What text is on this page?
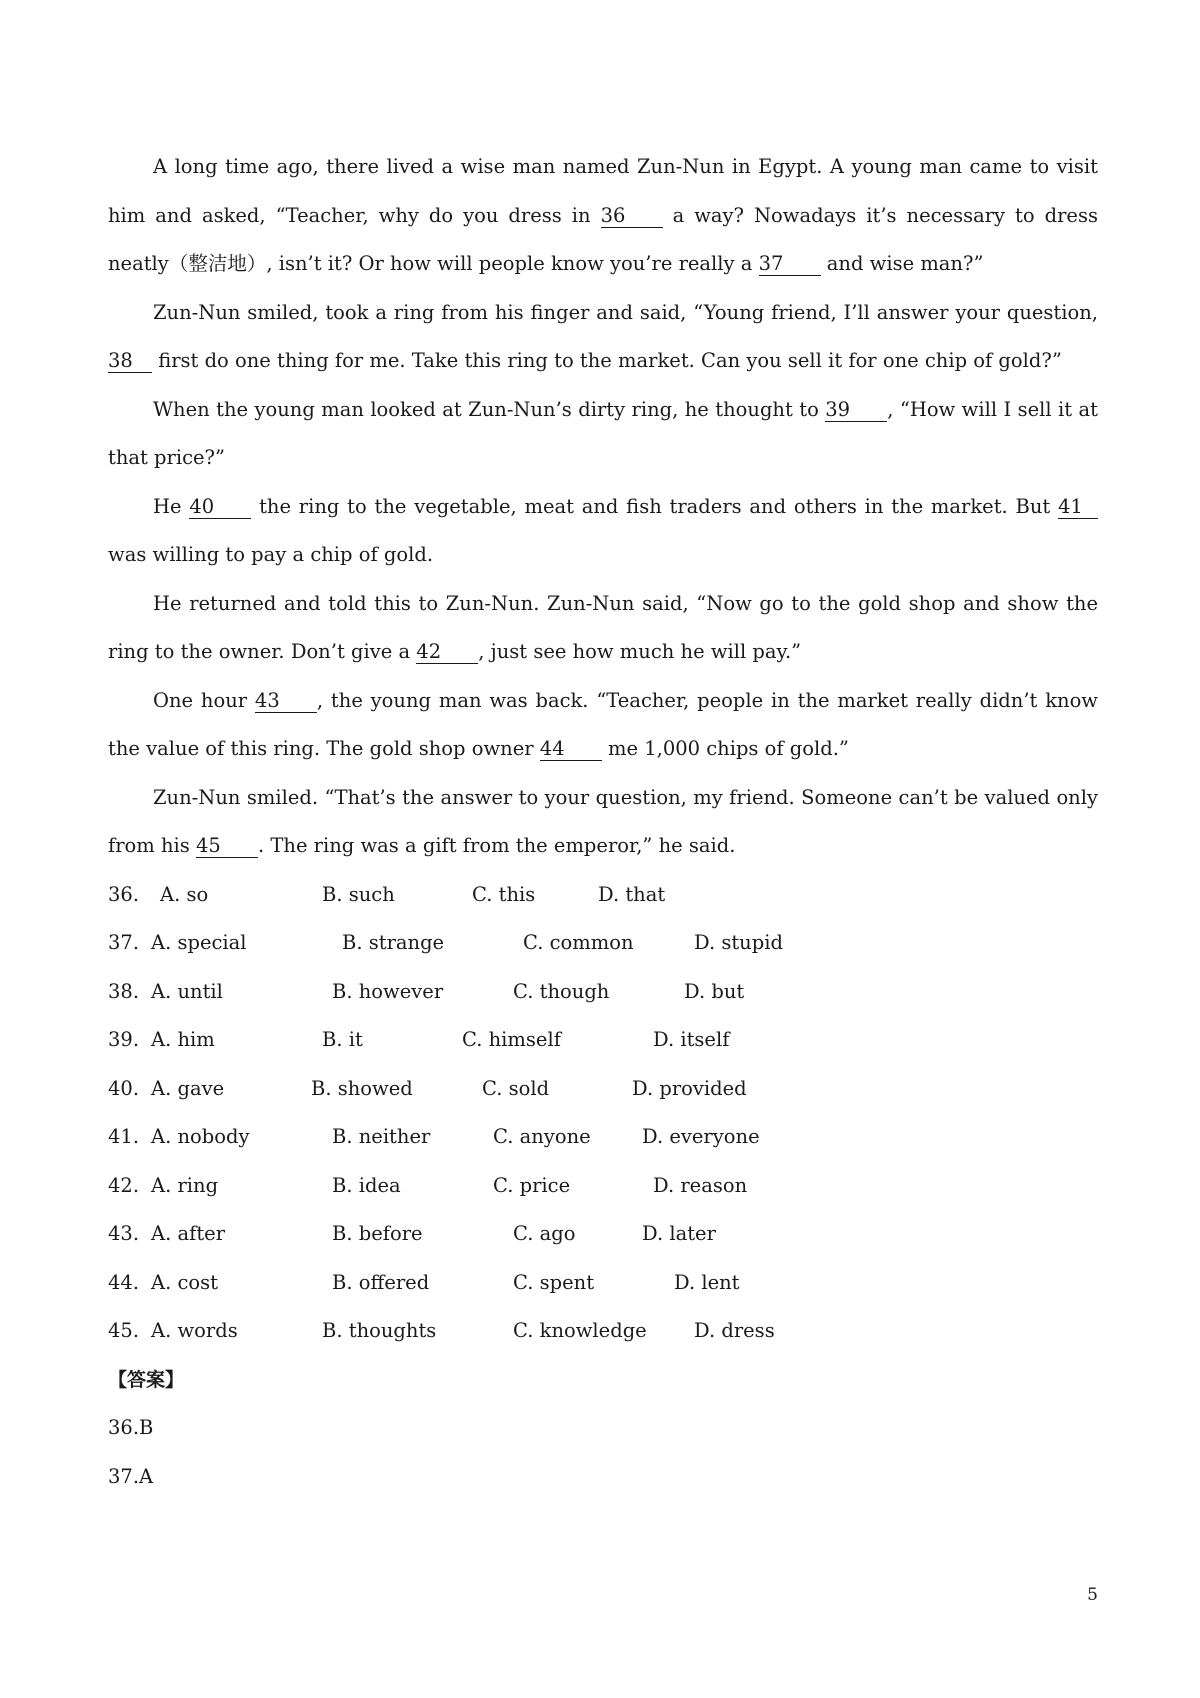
A long time ago, there lived a wise man named Zun-Nun in Egypt. A young man came to visit him and asked, “Teacher, why do you dress in 36 a way? Nowadays it’s necessary to dress neatly（整洁地）, isn’t it? Or how will people know you’re really a 37 and wise man?”

Zun-Nun smiled, took a ring from his finger and said, “Young friend, I’ll answer your question, 38 first do one thing for me. Take this ring to the market. Can you sell it for one chip of gold?”

When the young man looked at Zun-Nun’s dirty ring, he thought to 39 , “How will I sell it at that price?”

He 40 the ring to the vegetable, meat and fish traders and others in the market. But 41 was willing to pay a chip of gold.

He returned and told this to Zun-Nun. Zun-Nun said, “Now go to the gold shop and show the ring to the owner. Don’t give a 42 , just see how much he will pay.”

One hour 43 , the young man was back. “Teacher, people in the market really didn’t know the value of this ring. The gold shop owner 44 me 1,000 chips of gold.”

Zun-Nun smiled. “That’s the answer to your question, my friend. Someone can’t be valued only from his 45 . The ring was a gift from the emperor,” he said.

36. A. so	B. such	C. this	D. that
37. A. special	B. strange	C. common	D. stupid
38. A. until	B. however	C. though	D. but
39. A. him	B. it	C. himself	D. itself
40. A. gave	B. showed	C. sold	D. provided
41. A. nobody	B. neither	C. anyone	D. everyone
42. A. ring	B. idea	C. price	D. reason
43. A. after	B. before	C. ago	D. later
44. A. cost	B. offered	C. spent	D. lent
45. A. words	B. thoughts	C. knowledge D. dress
【答案】
36.B
37.A
5
